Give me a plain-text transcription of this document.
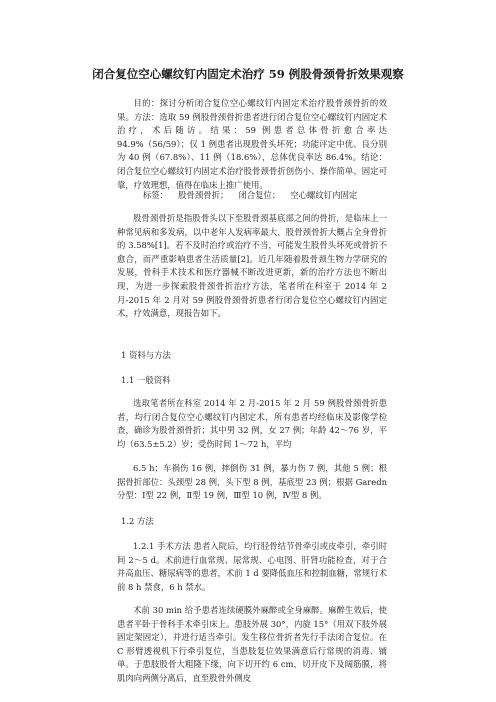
闭合复位空心螺纹钉内固定术治疗 59 例股骨颈骨折效果观察
目的：探讨分析闭合复位空心螺纹钉内固定术治疗股骨颈骨折的效果。方法：选取 59 例股骨颈骨折患者进行闭合复位空心螺纹钉内固定术治疗，术后随访。结果：59 例患者总体骨折愈合率达 94.9%（56/59）；仅 1 例患者出现股骨头坏死；功能评定中优、良分别为 40 例（67.8%）、11 例（18.6%），总体优良率达 86.4%。结论：闭合复位空心螺纹钉内固定术治疗股骨颈骨折创伤小、操作简单、固定可靠，疗效理想，值得在临床上推广使用。
标签： 股骨颈骨折； 闭合复位； 空心螺纹钉内固定
股骨颈骨折是指股骨头以下至股骨颈基底部之间的骨折，是临床上一种常见病和多发病，以中老年人发病率最大，股骨颈骨折大概占全身骨折的 3.58%[1]。若不及时治疗或治疗不当，可能发生股骨头坏死或骨折不愈合，而严重影响患者生活质量[2]。近几年随着股骨颈生物力学研究的发展，骨科手术技术和医疗器械不断改进更新，新的治疗方法也不断出现，为进一步探索股骨颈骨折治疗方法，笔者所在科室于 2014 年 2 月-2015 年 2 月对 59 例股骨颈骨折患者行闭合复位空心螺纹钉内固定术，疗效满意，现报告如下。
1 资料与方法
1.1 一般资料
选取笔者所在科室 2014 年 2 月-2015 年 2 月 59 例股骨颈骨折患者，均行闭合复位空心螺纹钉内固定术，所有患者均经临床及影像学检查，确诊为股骨颈骨折；其中男 32 例，女 27 例；年龄 42～76 岁，平均（63.5±5.2）岁；受伤时间 1～72 h，平均
6.5 h；车祸伤 16 例，摔倒伤 31 例，暴力伤 7 例，其他 5 例；根据骨折部位：头颈型 28 例，头下型 8 例，基底型 23 例；根据 Garedn 分型：Ⅰ型 22 例，Ⅱ型 19 例，Ⅲ型 10 例，Ⅳ型 8 例。
1.2 方法
1.2.1 手术方法 患者入院后，均行胫骨结节骨牵引或皮牵引，牵引时间 2～5 d。术前进行血常规、尿常规、心电图、肝肾功能检查，对于合并高血压、糖尿病等的患者，术前 1 d 要降低血压和控制血糖，常规行术前 8 h 禁食，6 h 禁水。
术前 30 min 给予患者连续硬膜外麻醉或全身麻醉。麻醉生效后，使患者平卧于骨科手术牵引床上。患肢外展 30°，内旋 15°（用双下肢外展固定架固定），并进行适当牵引。发生移位骨折者先行手法闭合复位。在 C 形臂透视机下行牵引复位，当患肢复位效果满意后行常规的消毒、铺单。于患肢股骨大粗隆下缘，向下切开约 6 cm，切开皮下及阔筋膜，将肌肉向两侧分离后，直至股骨外侧皮
